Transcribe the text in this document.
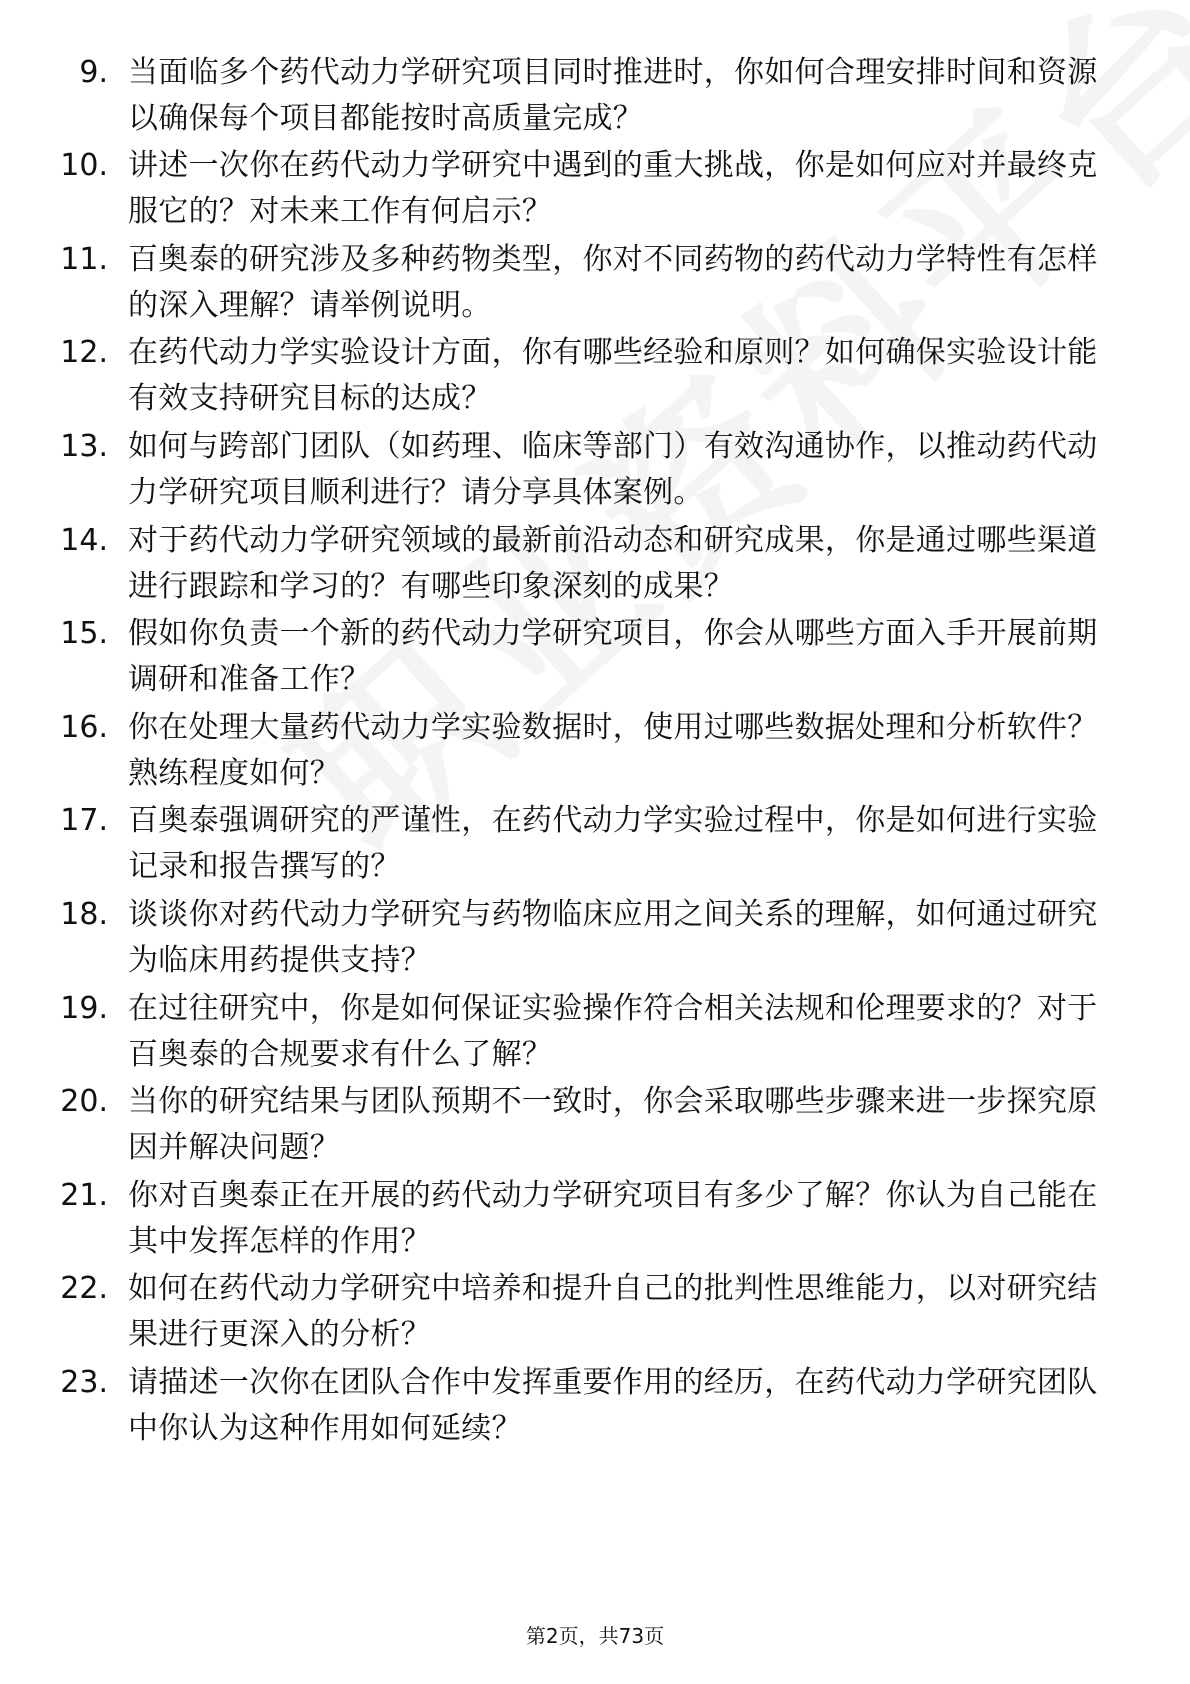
9. 当面临多个药代动力学研究项目同时推进时，你如何合理安排时间和资源以确保每个项目都能按时高质量完成？
10. 讲述一次你在药代动力学研究中遇到的重大挑战，你是如何应对并最终克服它的？对未来工作有何启示？
11. 百奥泰的研究涉及多种药物类型，你对不同药物的药代动力学特性有怎样的深入理解？请举例说明。
12. 在药代动力学实验设计方面，你有哪些经验和原则？如何确保实验设计能有效支持研究目标的达成？
13. 如何与跨部门团队（如药理、临床等部门）有效沟通协作，以推动药代动力学研究项目顺利进行？请分享具体案例。
14. 对于药代动力学研究领域的最新前沿动态和研究成果，你是通过哪些渠道进行跟踪和学习的？有哪些印象深刻的成果？
15. 假如你负责一个新的药代动力学研究项目，你会从哪些方面入手开展前期调研和准备工作？
16. 你在处理大量药代动力学实验数据时，使用过哪些数据处理和分析软件？熟练程度如何？
17. 百奥泰强调研究的严谨性，在药代动力学实验过程中，你是如何进行实验记录和报告撰写的？
18. 谈谈你对药代动力学研究与药物临床应用之间关系的理解，如何通过研究为临床用药提供支持？
19. 在过往研究中，你是如何保证实验操作符合相关法规和伦理要求的？对于百奥泰的合规要求有什么了解？
20. 当你的研究结果与团队预期不一致时，你会采取哪些步骤来进一步探究原因并解决问题？
21. 你对百奥泰正在开展的药代动力学研究项目有多少了解？你认为自己能在其中发挥怎样的作用？
22. 如何在药代动力学研究中培养和提升自己的批判性思维能力，以对研究结果进行更深入的分析？
23. 请描述一次你在团队合作中发挥重要作用的经历，在药代动力学研究团队中你认为这种作用如何延续？
第2页，共73页
